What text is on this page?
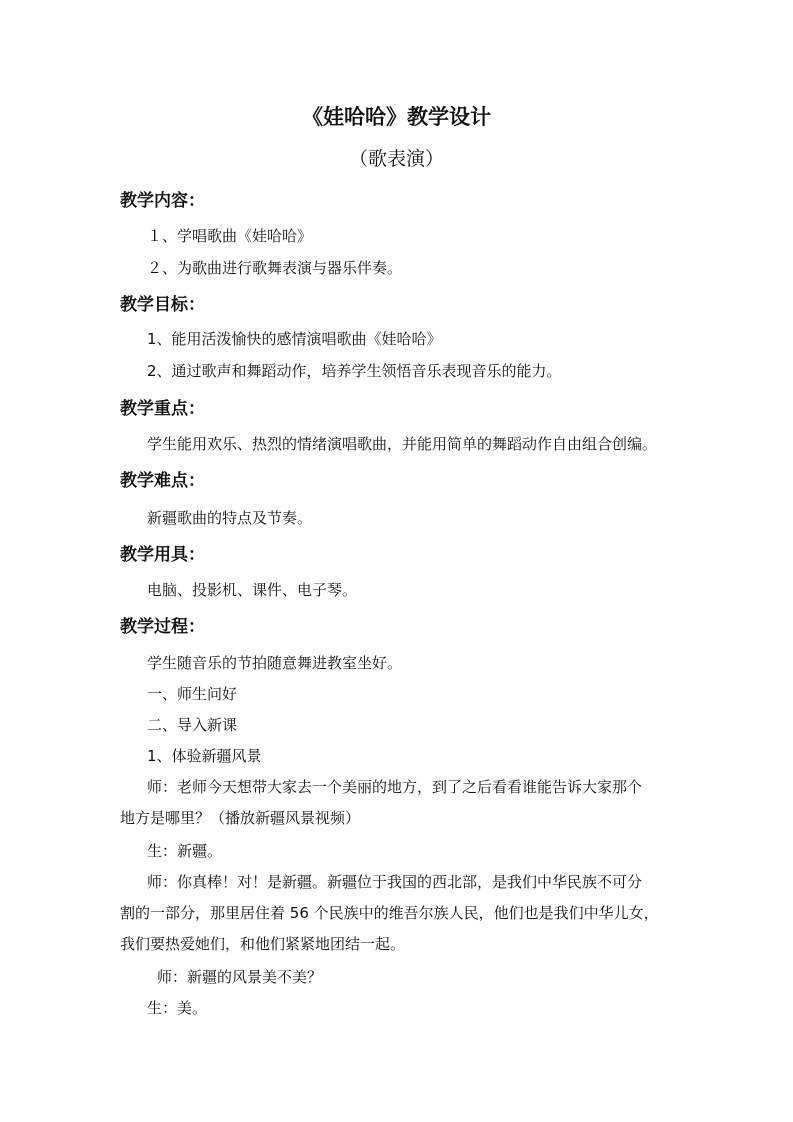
《娃哈哈》教学设计
（歌表演）
教学内容：
１、学唱歌曲《娃哈哈》
２、为歌曲进行歌舞表演与器乐伴奏。
教学目标：
1、能用活泼愉快的感情演唱歌曲《娃哈哈》
2、通过歌声和舞蹈动作，培养学生领悟音乐表现音乐的能力。
教学重点：
学生能用欢乐、热烈的情绪演唱歌曲，并能用简单的舞蹈动作自由组合创编。
教学难点：
新疆歌曲的特点及节奏。
教学用具：
电脑、投影机、课件、电子琴。
教学过程：
学生随音乐的节拍随意舞进教室坐好。
一、师生问好
二、导入新课
1、体验新疆风景
师：老师今天想带大家去一个美丽的地方，到了之后看看谁能告诉大家那个
地方是哪里？（播放新疆风景视频）
生：新疆。
师：你真棒！对！是新疆。新疆位于我国的西北部，是我们中华民族不可分
割的一部分，那里居住着 56 个民族中的维吾尔族人民，他们也是我们中华儿女，
我们要热爱她们，和他们紧紧地团结一起。
师：新疆的风景美不美？
生：美。
